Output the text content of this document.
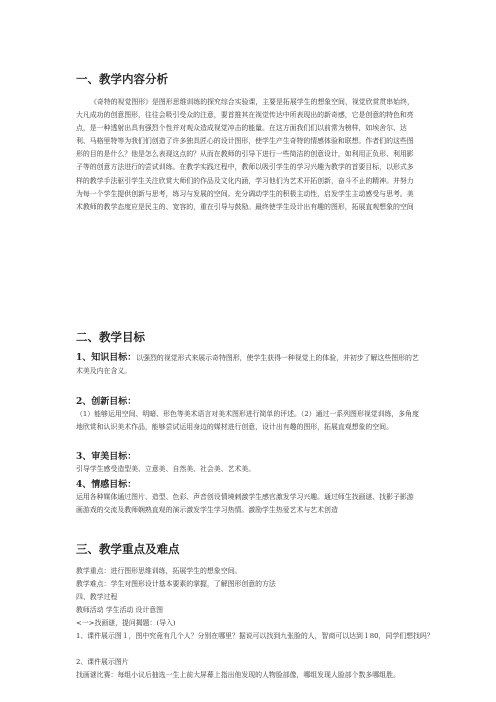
一、教学内容分析
《奇特的视觉图形》是图形思维训练的探究综合实验课，主要是拓展学生的想象空间，视觉欣赏贯串始终，大凡成功的创意图形，往往会吸引受众的注意，要首推其在视觉传达中所表现出的新奇感，它是创意的特色和亮点，是一种透射出具有强烈个性并对观众造成视觉冲击的能量。在这方面我们们以前常为榜样，如埃舍尔、达利、马格里特等为我们们创造了许多独具匠心的设计图形，使学生产生奇特的情感体验和联想。作者们的这些图形的目的是什么？他是怎么表现这点的？从而在教师的引导下进行一些简洁的创意设计，如利用正负形、利用影子等的创意方法进行的尝试训练。在教学实践过程中，教师以吸引学生的学习兴趣为教学的首要目标，以形式多样的教学手法驱引学生关注欣赏大师们的作品及文化内涵，学习他们为艺术开拓创新，奋斗不止的精神。并努力为每一个学生提供创新与思考，练习与发展的空间。充分调动学生的积极主动性，启发学生主动感受与思考。美术教师的教学态度应是民主的、宽容的，重在引导与鼓励。最终使学生设计出有趣的图形，拓展直观想象的空间
二、教学目标
1、知识目标：以强烈的视觉形式来展示奇特图形，使学生获得一种视觉上的体验，并初步了解这些图形的艺术美及内在含义。
2、创新目标：
（1）能够运用空间、明暗、形色等美术语言对美术图形进行简单的评述。（2）通过一系列图形视觉训练，多角度地欣赏和认识美术作品，能够尝试运用身边的媒材进行创意，设计出有趣的图形，拓展直观想象的空间。
3、审美目标：
引导学生感受造型美、立意美、自然美、社会美、艺术美。
4、情感目标：
运用各种媒体通过图片、造型、色彩、声音创设情境刺激学生感官激发学习兴趣。通过师生找画谜、找影子影游画游戏的交流及教师娴熟直观的演示激发学生学习热情。激励学生热爱艺术与艺术创造
三、教学重点及难点
教学重点：进行图形思维训练，拓展学生的想象空间。
教学难点：学生对图形设计基本要素的掌握，了解图形创意的方法
四、教学过程
教师活动 学生活动 设计意图
<一>找画谜，提问揭题：(导入)
1、课件展示图１，图中究竟有几个人？分别在哪里？据说可以找到九张脸的人，智商可以达到１80，同学们想找吗？
2、课件展示图片
找画谜比赛：每组小议后抽选一生上前大屏幕上指出他发现的人物脸部像，哪组发现人脸部个数多哪组胜。
